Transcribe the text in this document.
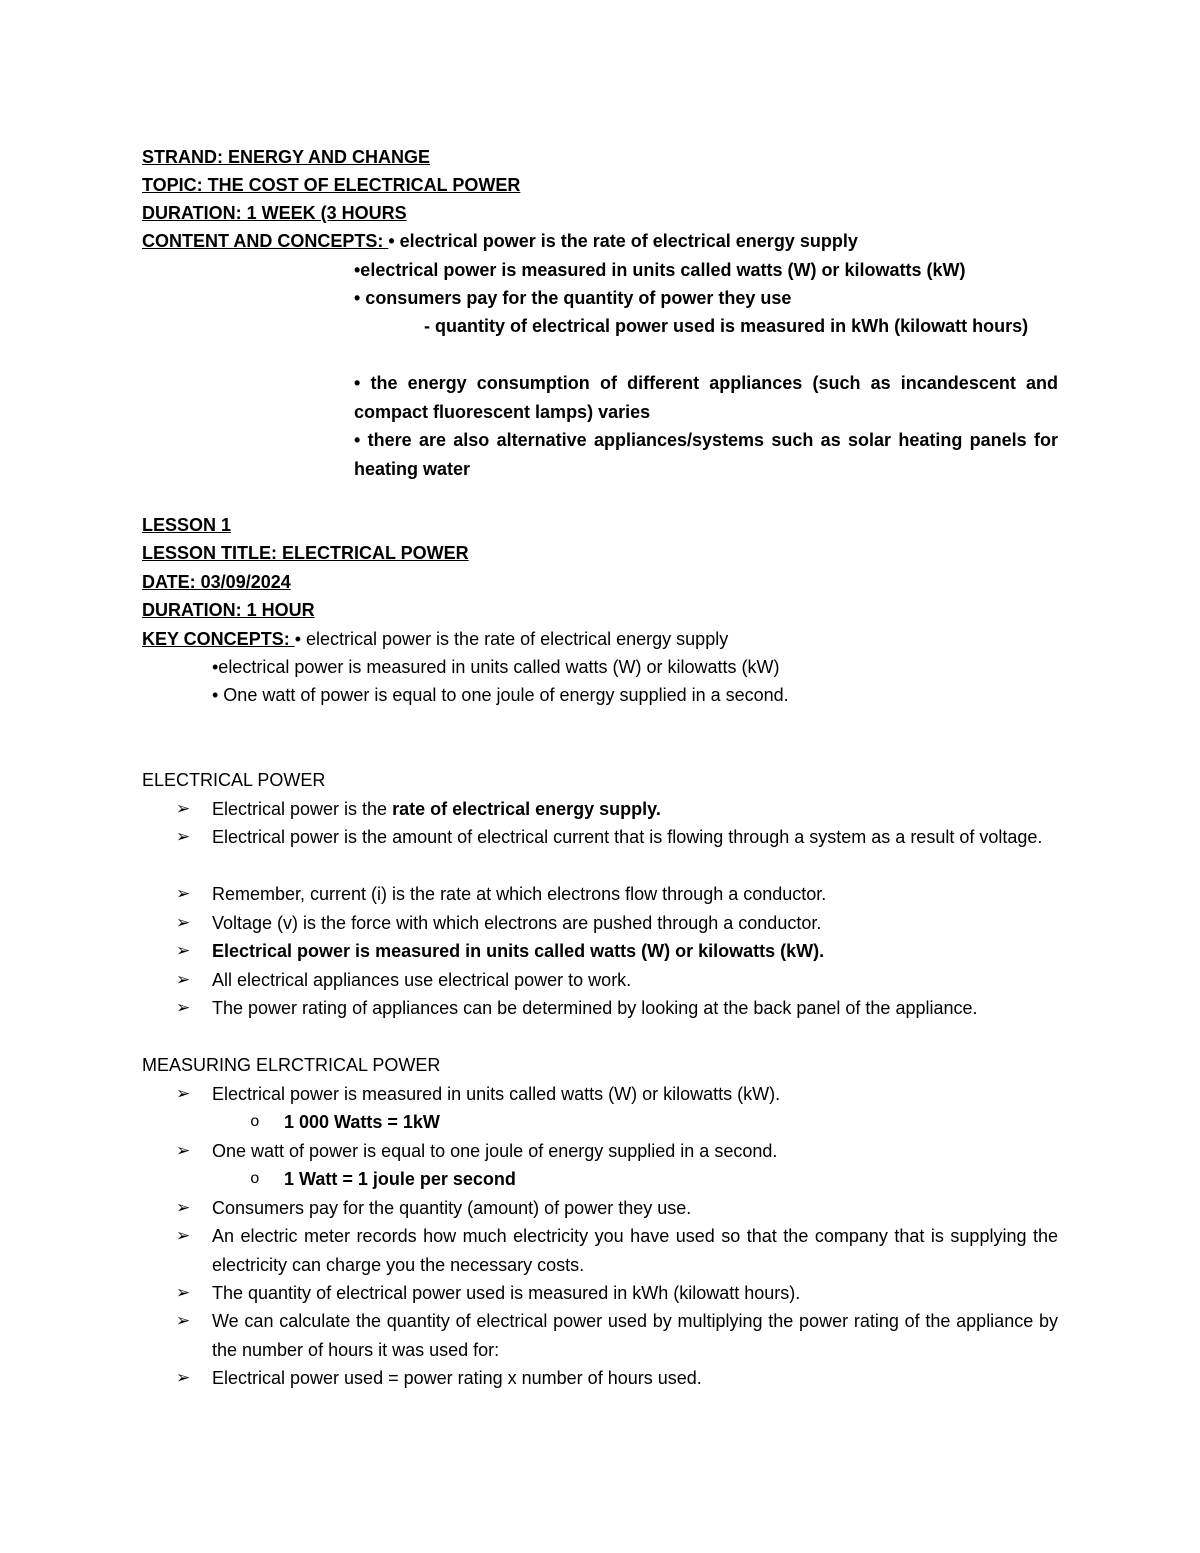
STRAND: ENERGY AND CHANGE
TOPIC: THE COST OF ELECTRICAL POWER
DURATION: 1 WEEK (3 HOURS
CONTENT AND CONCEPTS: • electrical power is the rate of electrical energy supply
•electrical power is measured in units called watts (W) or kilowatts (kW)
• consumers pay for the quantity of power they use
- quantity of electrical power used is measured in kWh (kilowatt hours)
• the energy consumption of different appliances (such as incandescent and compact fluorescent lamps) varies
• there are also alternative appliances/systems such as solar heating panels for heating water
LESSON 1
LESSON TITLE: ELECTRICAL POWER
DATE: 03/09/2024
DURATION: 1 HOUR
KEY CONCEPTS: • electrical power is the rate of electrical energy supply
•electrical power is measured in units called watts (W) or kilowatts (kW)
• One watt of power is equal to one joule of energy supplied in a second.
ELECTRICAL POWER
➢ Electrical power is the rate of electrical energy supply.
➢ Electrical power is the amount of electrical current that is flowing through a system as a result of voltage.
➢ Remember, current (i) is the rate at which electrons flow through a conductor.
➢ Voltage (v) is the force with which electrons are pushed through a conductor.
➢ Electrical power is measured in units called watts (W) or kilowatts (kW).
➢ All electrical appliances use electrical power to work.
➢ The power rating of appliances can be determined by looking at the back panel of the appliance.
MEASURING ELRCTRICAL POWER
➢ Electrical power is measured in units called watts (W) or kilowatts (kW).
o 1 000 Watts = 1kW
➢ One watt of power is equal to one joule of energy supplied in a second.
o 1 Watt = 1 joule per second
➢ Consumers pay for the quantity (amount) of power they use.
➢ An electric meter records how much electricity you have used so that the company that is supplying the electricity can charge you the necessary costs.
➢ The quantity of electrical power used is measured in kWh (kilowatt hours).
➢ We can calculate the quantity of electrical power used by multiplying the power rating of the appliance by the number of hours it was used for:
➢ Electrical power used = power rating x number of hours used.
